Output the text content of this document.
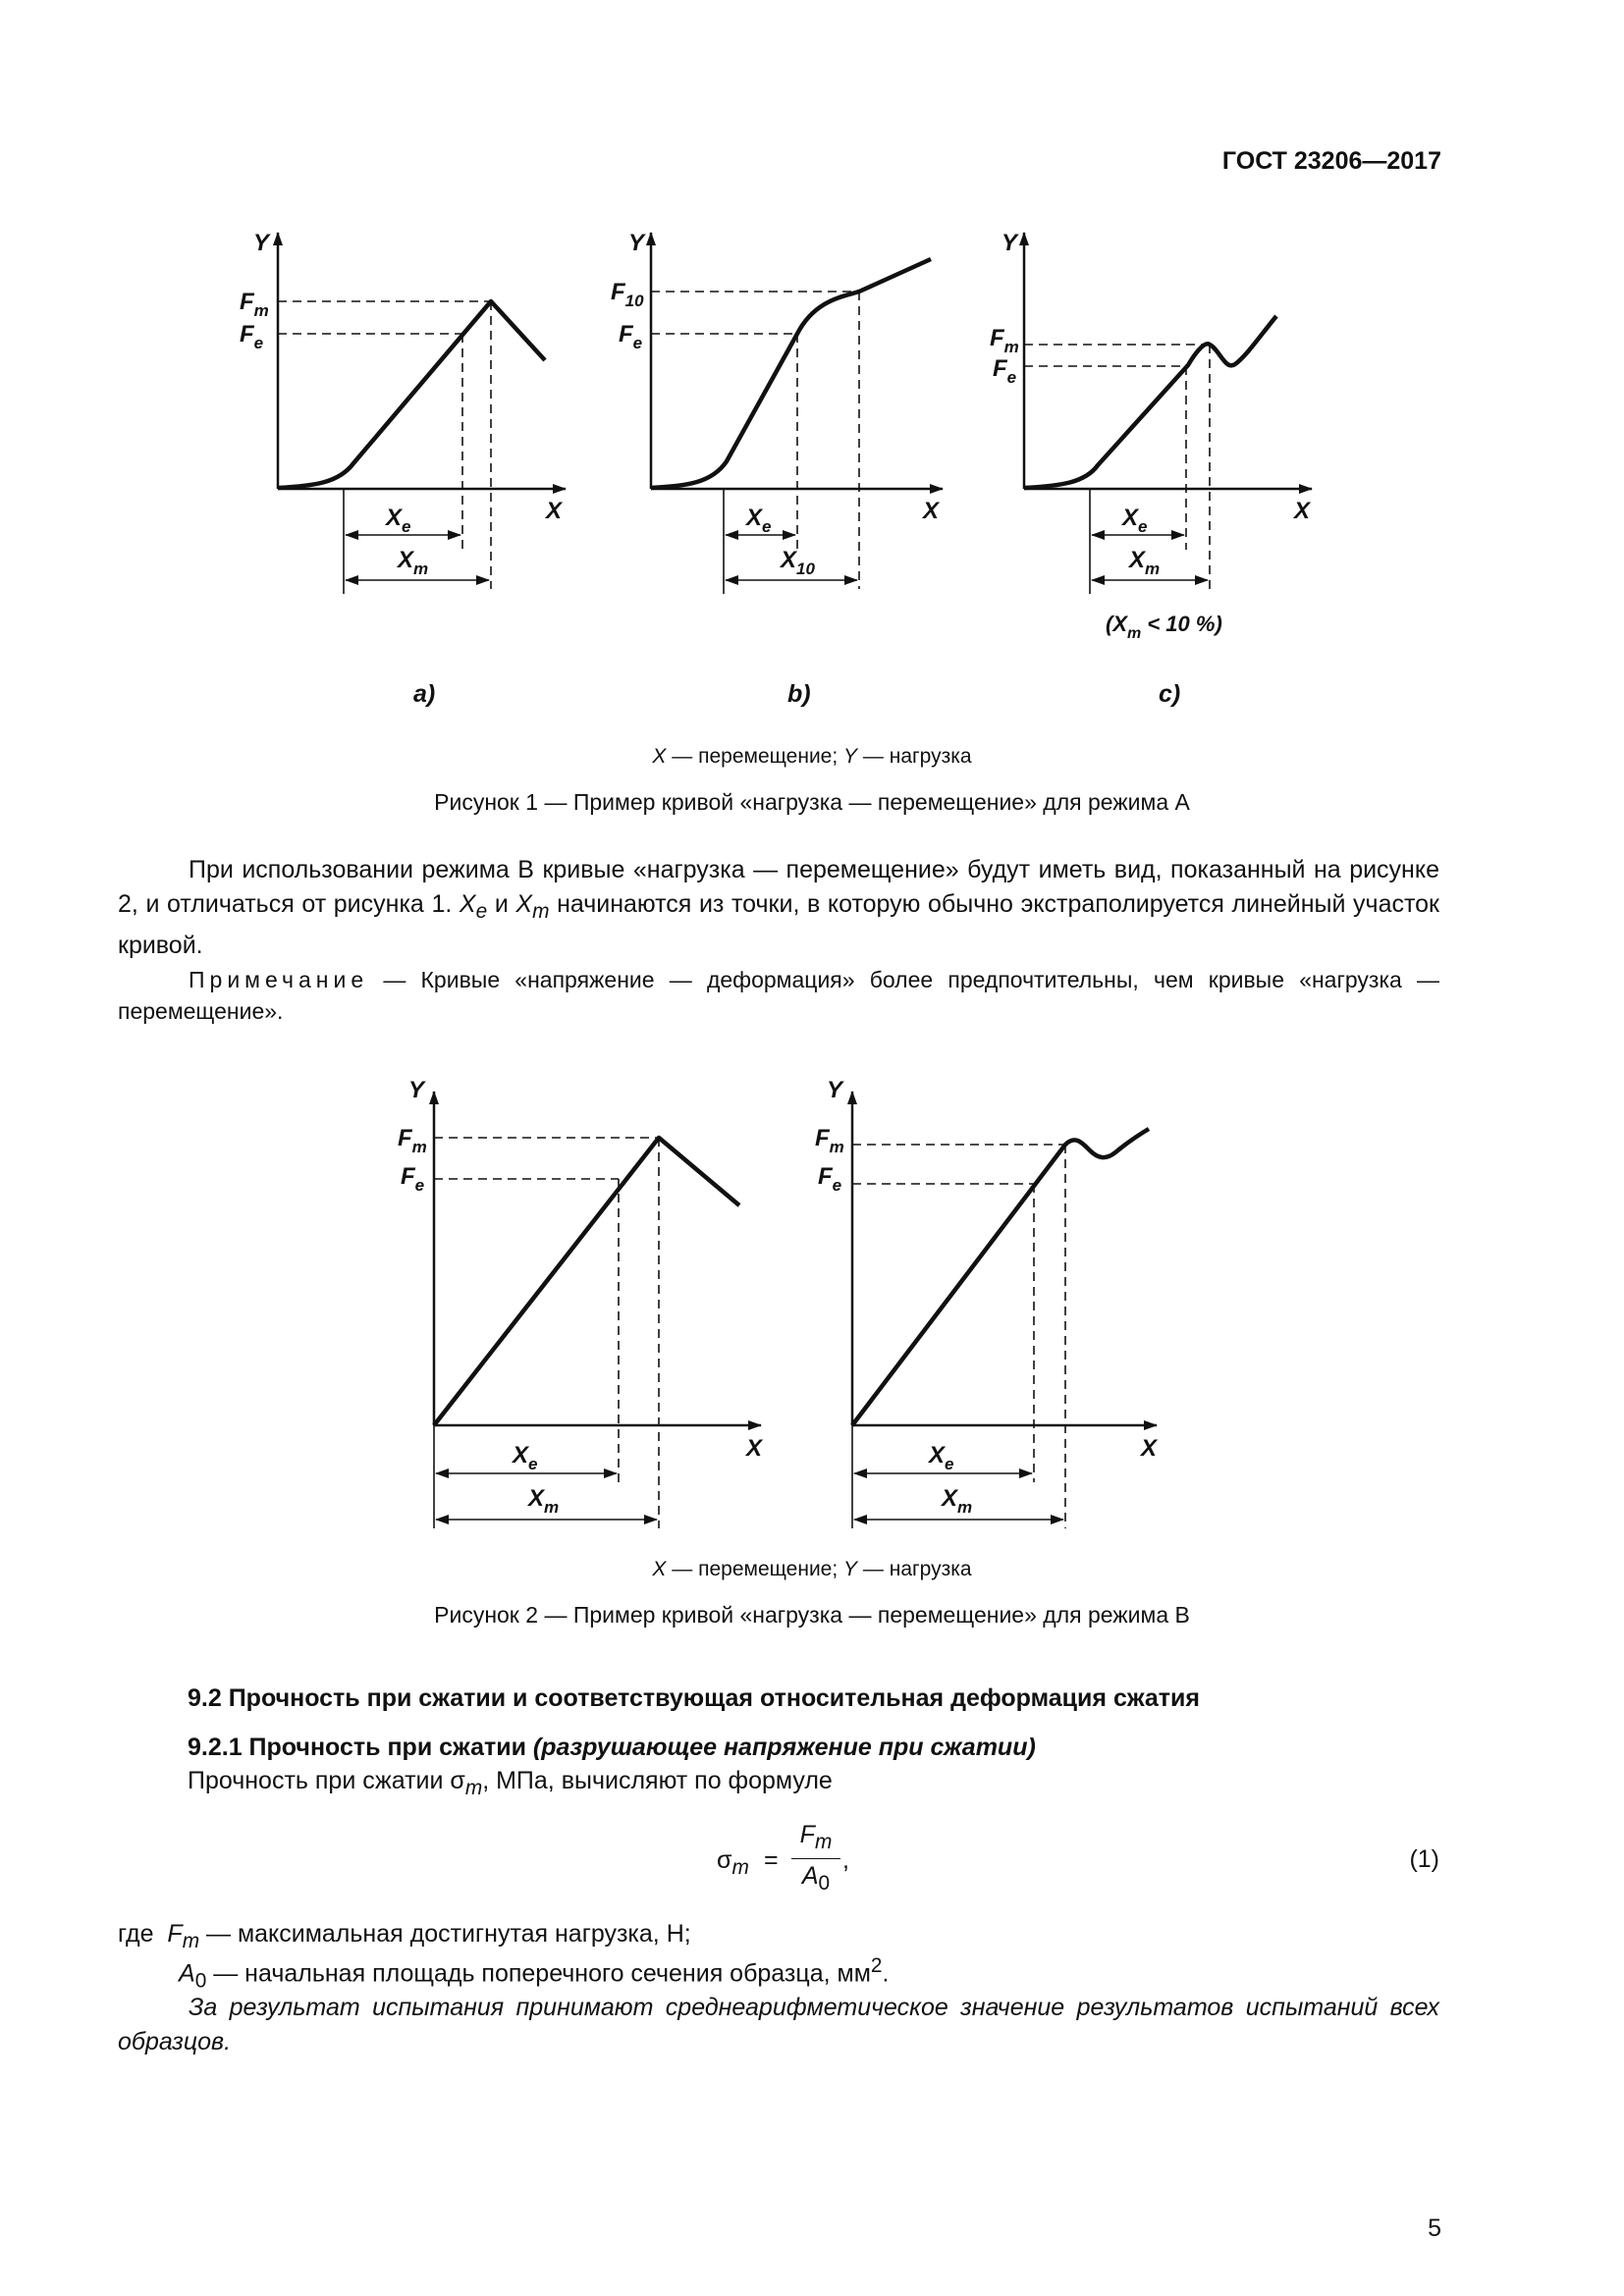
ГОСТ 23206—2017
Y
X
$F_m$
$F_e$
$X_e$
$X_m$
a)
Y
X
$F_{10}$
$F_e$
$X_e$
$X_{10}$
b)
Y
X
$F_m$
$F_e$
$X_e$
$X_m$
($X_m < 10$ %)
c)
X — перемещение; Y — нагрузка
Рисунок 1 — Пример кривой «нагрузка — перемещение» для режима А
При использовании режима В кривые «нагрузка — перемещение» будут иметь вид, показанный на рисунке 2, и отличаться от рисунка 1. $X_e$ и $X_m$ начинаются из точки, в которую обычно экстраполируется линейный участок кривой.
Примечание — Кривые «напряжение — деформация» более предпочтительны, чем кривые «нагрузка — перемещение».
Y
X
$F_m$
$F_e$
$X_e$
$X_m$
Y
X
$F_m$
$F_e$
$X_e$
$X_m$
X — перемещение; Y — нагрузка
Рисунок 2 — Пример кривой «нагрузка — перемещение» для режима В
9.2 Прочность при сжатии и соответствующая относительная деформация сжатия
9.2.1 Прочность при сжатии (разрушающее напряжение при сжатии)
Прочность при сжатии $\sigma_m$, МПа, вычисляют по формуле
$\sigma_m$ =
$F_m$
$A_0$
,	(1)
где $F_m$ — максимальная достигнутая нагрузка, Н;
$A_0$ — начальная площадь поперечного сечения образца, $мм^2$.
За результат испытания принимают среднеарифметическое значение результатов испытаний всех образцов.
5
